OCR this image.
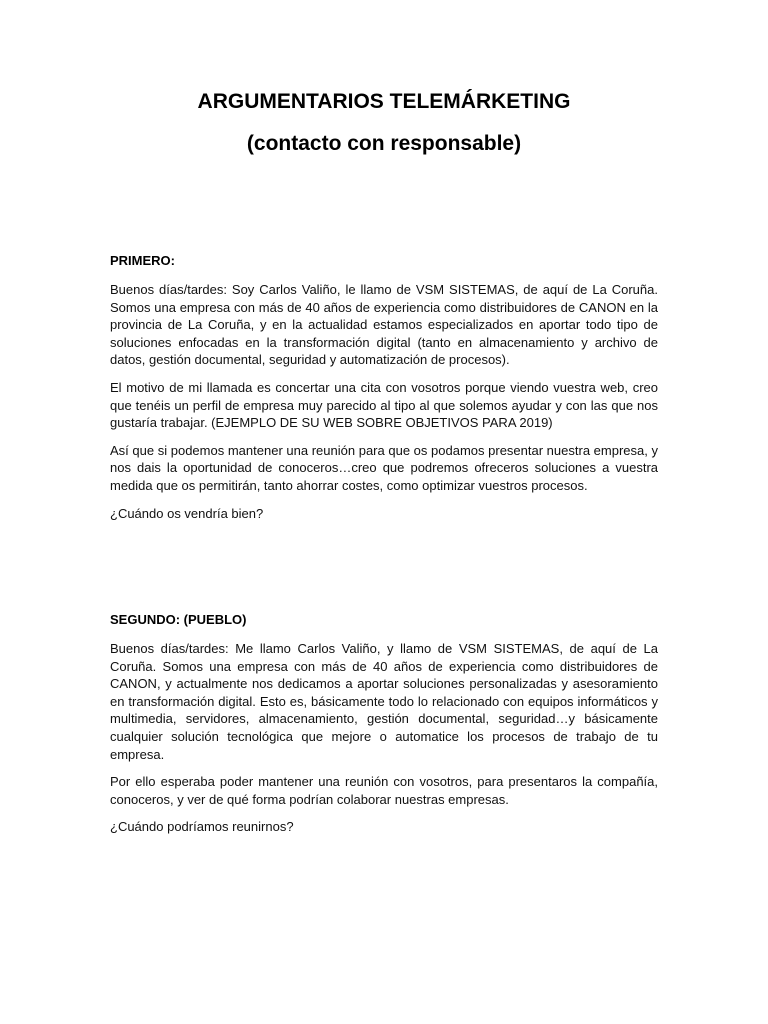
ARGUMENTARIOS TELEMÁRKETING
(contacto con responsable)

PRIMERO:

Buenos días/tardes: Soy Carlos Valiño, le llamo de VSM SISTEMAS, de aquí de La Coruña. Somos una empresa con más de 40 años de experiencia como distribuidores de CANON en la provincia de La Coruña, y en la actualidad estamos especializados en aportar todo tipo de soluciones enfocadas en la transformación digital (tanto en almacenamiento y archivo de datos, gestión documental, seguridad y automatización de procesos).

El motivo de mi llamada es concertar una cita con vosotros porque viendo vuestra web, creo que tenéis un perfil de empresa muy parecido al tipo al que solemos ayudar y con las que nos gustaría trabajar. (EJEMPLO DE SU WEB SOBRE OBJETIVOS PARA 2019)

Así que si podemos mantener una reunión para que os podamos presentar nuestra empresa, y nos dais la oportunidad de conoceros…creo que podremos ofreceros soluciones a vuestra medida que os permitirán, tanto ahorrar costes, como optimizar vuestros procesos.

¿Cuándo os vendría bien?

SEGUNDO: (PUEBLO)

Buenos días/tardes: Me llamo Carlos Valiño, y llamo de VSM SISTEMAS, de aquí de La Coruña. Somos una empresa con más de 40 años de experiencia como distribuidores de CANON, y actualmente nos dedicamos a aportar soluciones personalizadas y asesoramiento en transformación digital. Esto es, básicamente todo lo relacionado con equipos informáticos y multimedia, servidores, almacenamiento, gestión documental, seguridad…y básicamente cualquier solución tecnológica que mejore o automatice los procesos de trabajo de tu empresa.

Por ello esperaba poder mantener una reunión con vosotros, para presentaros la compañía, conoceros, y ver de qué forma podrían colaborar nuestras empresas.

¿Cuándo podríamos reunirnos?
